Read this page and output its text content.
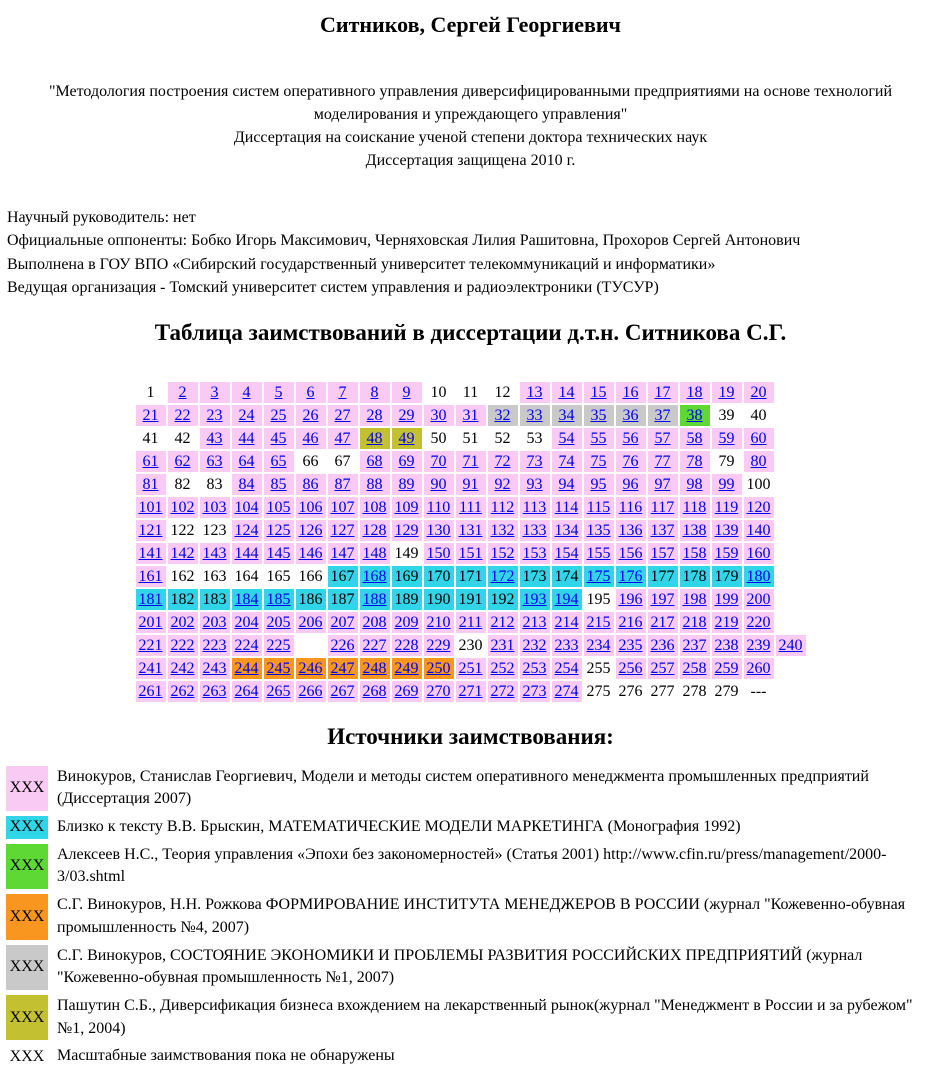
Ситников, Сергей Георгиевич
"Методология построения систем оперативного управления диверсифицированными предприятиями на основе технологий моделирования и упреждающего управления"
Диссертация на соискание ученой степени доктора технических наук
Диссертация защищена 2010 г.
Научный руководитель: нет
Официальные оппоненты: Бобко Игорь Максимович, Черняховская Лилия Рашитовна, Прохоров Сергей Антонович
Выполнена в ГОУ ВПО «Сибирский государственный университет телекоммуникаций и информатики»
Ведущая организация - Томский университет систем управления и радиоэлектроники (ТУСУР)
Таблица заимствований в диссертации д.т.н. Ситникова С.Г.
1	2	3	4	5	6	7	8	9	10	11	12	13	14	15	16	17	18	19	20
21	22	23	24	25	26	27	28	29	30	31	32	33	34	35	36	37	38	39	40
41	42	43	44	45	46	47	48	49	50	51	52	53	54	55	56	57	58	59	60
61	62	63	64	65	66	67	68	69	70	71	72	73	74	75	76	77	78	79	80
81	82	83	84	85	86	87	88	89	90	91	92	93	94	95	96	97	98	99 100
101 102 103 104 105 106 107 108 109 110 111 112 113 114 115 116 117 118 119 120
121 122 123 124 125 126 127 128 129 130 131 132 133 134 135 136 137 138 139 140
141 142 143 144 145 146 147 148 149 150 151 152 153 154 155 156 157 158 159 160
161 162 163 164 165 166 167 168 169 170 171 172 173 174 175 176 177 178 179 180
181 182 183 184 185 186 187 188 189 190 191 192 193 194 195 196 197 198 199 200
201 202 203 204 205 206 207 208 209 210 211 212 213 214 215 216 217 218 219 220
221 222 223 224 225	226 227 228 229 230 231 232 233 234 235 236 237 238 239 240
241 242 243 244 245 246 247 248 249 250 251 252 253 254 255 256 257 258 259 260
261 262 263 264 265 266 267 268 269 270 271 272 273 274 275 276 277 278 279 ---
Источники заимствования:
XXX
Винокуров, Станислав Георгиевич, Модели и методы систем оперативного менеджмента промышленных предприятий (Диссертация 2007)
XXX Близко к тексту В.В. Брыскин, МАТЕМАТИЧЕСКИЕ МОДЕЛИ МАРКЕТИНГА (Монография 1992)
XXX
Алексеев Н.С., Теория управления «Эпохи без закономерностей» (Статья 2001) http://www.cfin.ru/press/management/2000-3/03.shtml
XXX
С.Г. Винокуров, Н.Н. Рожкова ФОРМИРОВАНИЕ ИНСТИТУТА МЕНЕДЖЕРОВ В РОССИИ (журнал "Кожевенно-обувная промышленность №4, 2007)
XXX
С.Г. Винокуров, СОСТОЯНИЕ ЭКОНОМИКИ И ПРОБЛЕМЫ РАЗВИТИЯ РОССИЙСКИХ ПРЕДПРИЯТИЙ (журнал "Кожевенно-обувная промышленность №1, 2007)
XXX
Пашутин С.Б., Диверсификация бизнеса вхождением на лекарственный рынок(журнал "Менеджмент в России и за рубежом" №1, 2004)
XXX Масштабные заимствования пока не обнаружены
